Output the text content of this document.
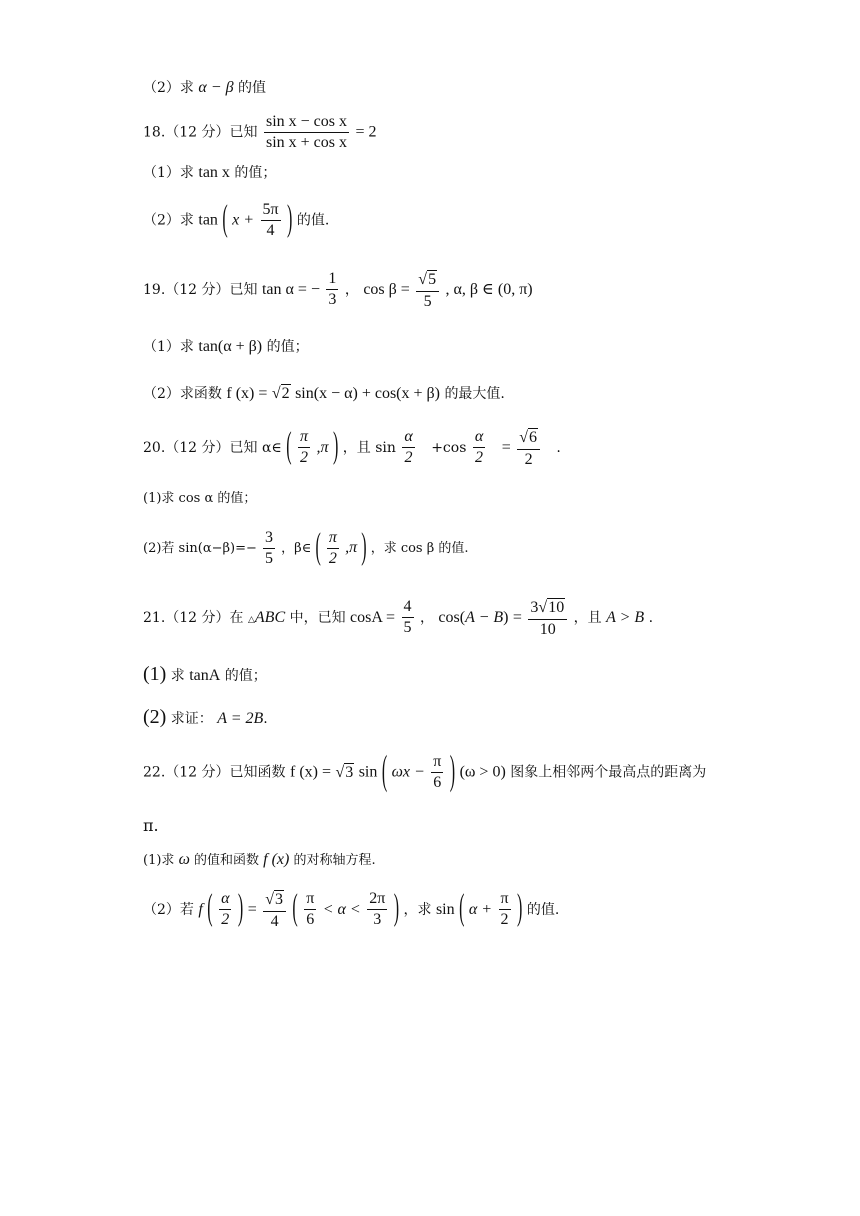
（2）求 α − β 的值
18.（12 分）已知 $\frac{\text{sin x − cos x}}{\text{sin x + cos x}} = 2$
（1）求 tan x 的值；
（2）求 tan ( $x + \frac{5\pi}{4}$ ) 的值.
19.（12 分）已知 tan α = − $\frac{1}{3}$ ， $\cos \beta = \frac{√5}{5}$ , α, β ∈ (0, π)
（1）求 tan(α + β) 的值；
（2）求函数 f (x) = √2 sin(x − α) + cos(x + β) 的最大值.
20.（12 分）已知 α∈ ( $\frac{\pi}{2} ,\pi$ ) ，且 $\sin \frac{\alpha}{2} +\cos \frac{\alpha}{2} = \frac{√6}{2}$ .
(1)求 cos α 的值；
(2)若 $\sin(\alpha-\beta)=- \frac{3}{5}$ ，β∈ ( $\frac{\pi}{2} ,\pi$ ) ，求 cos β 的值.
21.（12 分）在 △ABC 中，已知 $\cos A = \frac{4}{5}$ ， $\cos(A - B) = \frac{3√10}{10}$ ，且 A > B .
(1) 求 tanA 的值；
(2) 求证： A = 2B.
22.（12 分）已知函数 f (x) = √3 sin ( $\omega x - \frac{\pi}{6}$ ) (ω > 0) 图象上相邻两个最高点的距离为
π.
(1)求 ω 的值和函数 f (x) 的对称轴方程.
（2）若 f ( $\frac{\alpha}{2}$ ) = $\frac{√3}{4}$ ( $\frac{\pi}{6} < \alpha < \frac{2\pi}{3}$ ) ，求 sin ( $\alpha + \frac{\pi}{2}$ ) 的值.
